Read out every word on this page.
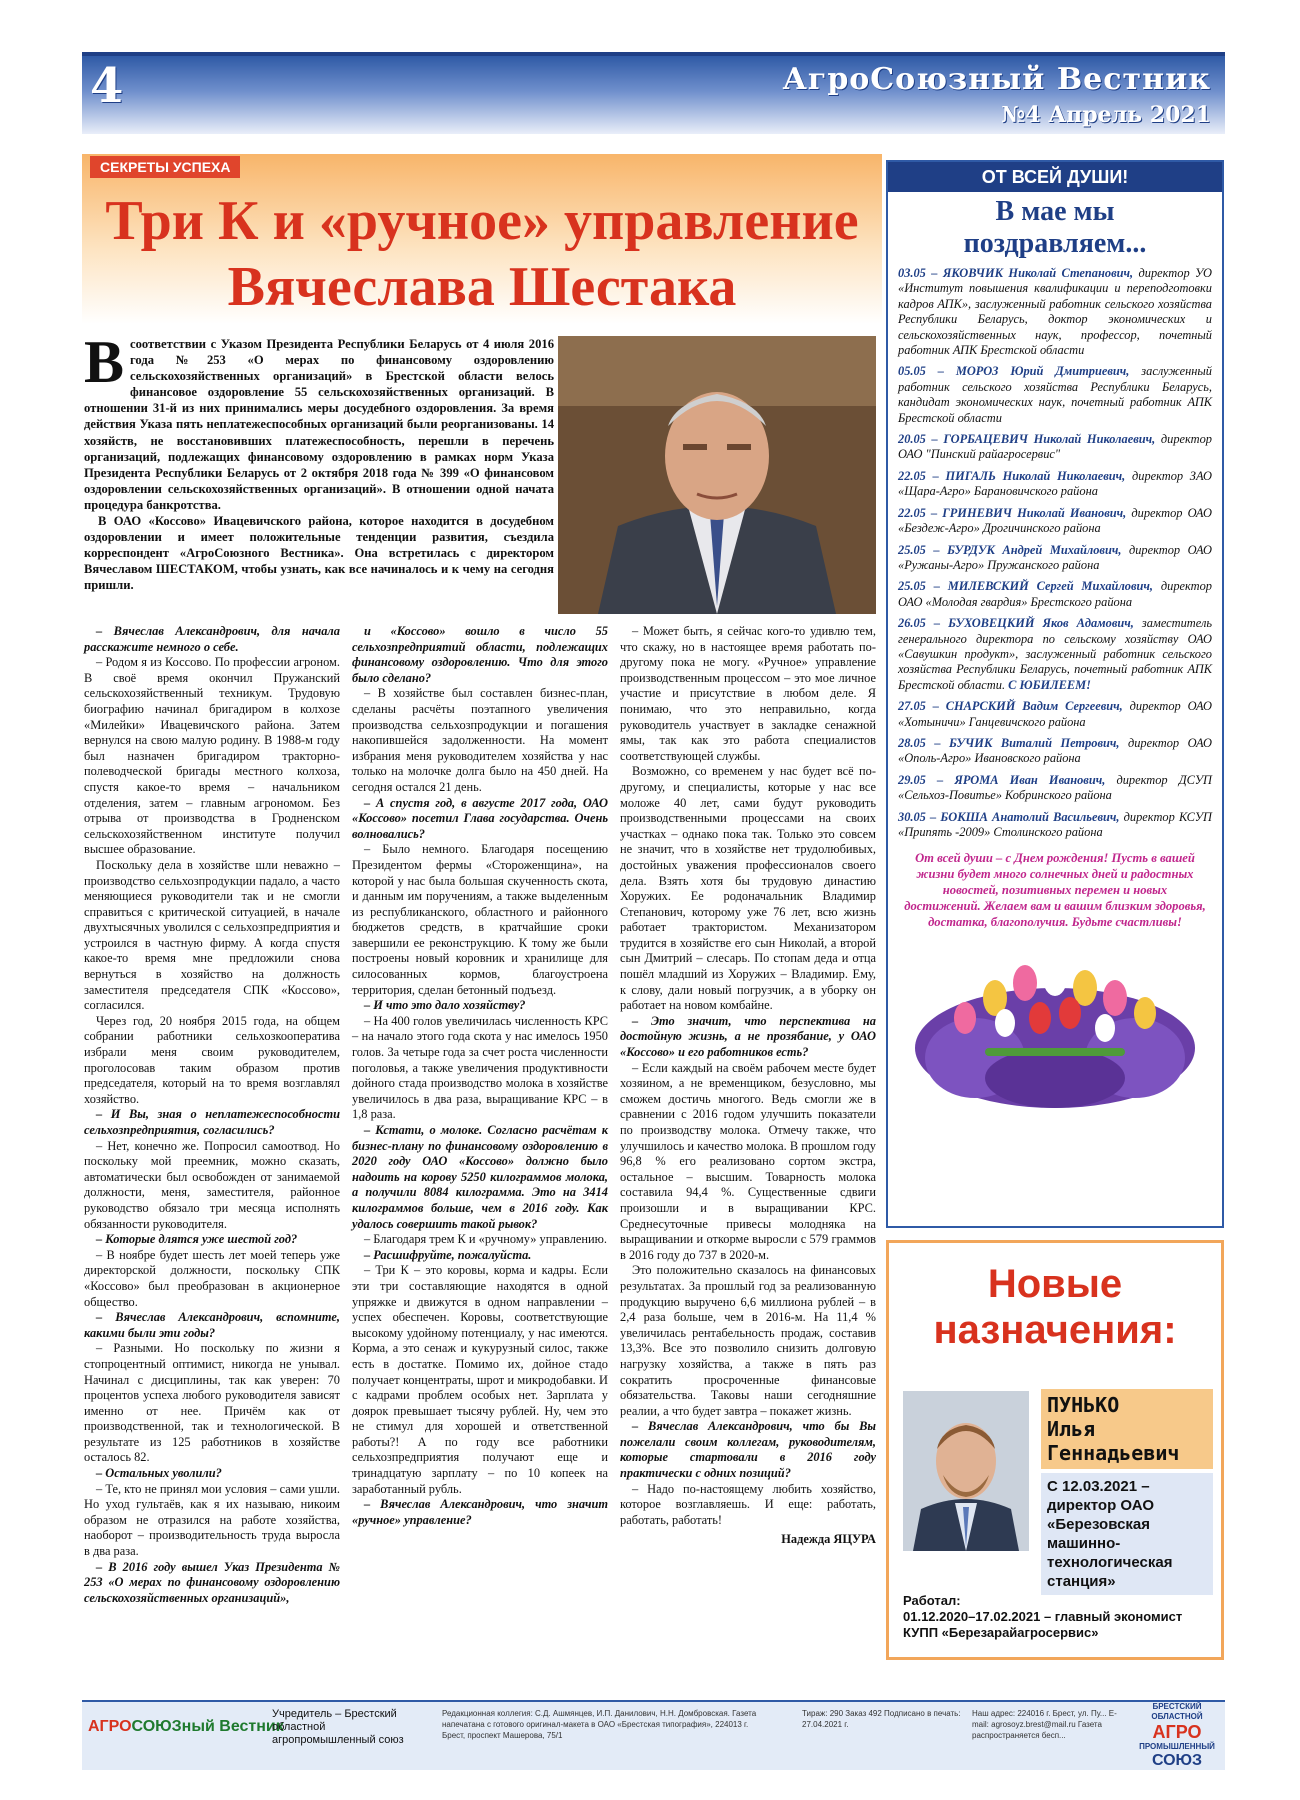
4	АгроСоюзный Вестник
№4 Апрель 2021
СЕКРЕТЫ УСПЕХА
Три К и «ручное» управление
Вячеслава Шестака
В соответствии с Указом Президента Республики Беларусь от 4 июля 2016 года №253 «О мерах по финансовому оздоровлению сельскохозяйственных организаций» в Брестской области велось финансовое оздоровление 55 сельскохозяйственных организаций. В отношении 31-й из них принимались меры досудебного оздоровления. За время действия Указа пять неплатежеспособных организаций были реорганизованы. 14 хозяйств, не восстановивших платежеспособность, перешли в перечень организаций, подлежащих финансовому оздоровлению в рамках норм Указа Президента Республики Беларусь от 2 октября 2018 года № 399 «О финансовом оздоровлении сельскохозяйственных организаций». В отношении одной начата процедура банкротства.

В ОАО «Коссово» Ивацевичского района, которое находится в досудебном оздоровлении и имеет положительные тенденции развития, съездила корреспондент «АгроСоюзного Вестника». Она встретилась с директором Вячеславом ШЕСТАКОМ, чтобы узнать, как все начиналось и к чему на сегодня пришли.

– Вячеслав Александрович, для начала расскажите немного о себе.

– Родом я из Коссово. По профессии агроном. В своё время окончил Пружанский сельскохозяйственный техникум. Трудовую биографию начинал бригадиром в колхозе «Милейки» Ивацевичского района. Затем вернулся на свою малую родину. В 1988-м году был назначен бригадиром тракторно-полеводческой бригады местного колхоза, спустя какое-то время – начальником отделения, затем – главным агрономом. Без отрыва от производства в Гродненском сельскохозяйственном институте получил высшее образование.

Поскольку дела в хозяйстве шли неважно – производство сельхозпродукции падало, а часто меняющиеся руководители так и не смогли справиться с критической ситуацией, в начале двухтысячных уволился с сельхозпредприятия и устроился в частную фирму. А когда спустя какое-то время мне предложили снова вернуться в хозяйство на должность заместителя председателя СПК «Коссово», согласился.

Через год, 20 ноября 2015 года, на общем собрании работники сельхозкооператива избрали меня своим руководителем, проголосовав таким образом против председателя, который на то время возглавлял хозяйство.

– И Вы, зная о неплатежеспособности сельхозпредприятия, согласились?

– Нет, конечно же. Попросил самоотвод. Но поскольку мой преемник, можно сказать, автоматически был освобожден от занимаемой должности, меня, заместителя, районное руководство обязало три месяца исполнять обязанности руководителя.

– Которые длятся уже шестой год?

– В ноябре будет шесть лет моей теперь уже директорской должности, поскольку СПК «Коссово» был преобразован в акционерное общество.

– Вячеслав Александрович, вспомните, какими были эти годы?

– Разными. Но поскольку по жизни я стопроцентный оптимист, никогда не унывал. Начинал с дисциплины, так как уверен: 70 процентов успеха любого руководителя зависят именно от нее. Причём как от производственной, так и технологической. В результате из 125 работников в хозяйстве осталось 82.

– Остальных уволили?

– Те, кто не принял мои условия – сами ушли. Но уход гультаёв, как я их называю, никоим образом не отразился на работе хозяйства, наоборот – производительность труда выросла в два раза.

– В 2016 году вышел Указ Президента № 253 «О мерах по финансовому оздоровлению сельскохозяйственных организаций»,

и «Коссово» вошло в число 55 сельхозпредприятий области, подлежащих финансовому оздоровлению. Что для этого было сделано?

– В хозяйстве был составлен бизнес-план, сделаны расчёты поэтапного увеличения производства сельхозпродукции и погашения накопившейся задолженности. На момент избрания меня руководителем хозяйства у нас только на молочке долга было на 450 дней. На сегодня остался 21 день.

– А спустя год, в августе 2017 года, ОАО «Коссово» посетил Глава государства. Очень волновались?

– Было немного. Благодаря посещению Президентом фермы «Стороженщина», на которой у нас была большая скученность скота, и данным им поручениям, а также выделенным из республиканского, областного и районного бюджетов средств, в кратчайшие сроки завершили ее реконструкцию. К тому же были построены новый коровник и хранилище для силосованных кормов, благоустроена территория, сделан бетонный подъезд.

– И что это дало хозяйству?

– На 400 голов увеличилась численность КРС – на начало этого года скота у нас имелось 1950 голов. За четыре года за счет роста численности поголовья, а также увеличения продуктивности дойного стада производство молока в хозяйстве увеличилось в два раза, выращивание КРС – в 1,8 раза.

– Кстати, о молоке. Согласно расчётам к бизнес-плану по финансовому оздоровлению в 2020 году ОАО «Коссово» должно было надоить на корову 5250 килограммов молока, а получили 8084 килограмма. Это на 3414 килограммов больше, чем в 2016 году. Как удалось совершить такой рывок?

– Благодаря трем К и «ручному» управлению.

– Расшифруйте, пожалуйста.

– Три К – это коровы, корма и кадры. Если эти три составляющие находятся в одной упряжке и движутся в одном направлении – успех обеспечен. Коровы, соответствующие высокому удойному потенциалу, у нас имеются. Корма, а это сенаж и кукурузный силос, также есть в достатке. Помимо их, дойное стадо получает концентраты, шрот и микродобавки. И с кадрами проблем особых нет. Зарплата у доярок превышает тысячу рублей. Ну, чем это не стимул для хорошей и ответственной работы?! А по году все работники сельхозпредприятия получают еще и тринадцатую зарплату – по 10 копеек на заработанный рубль.

– Вячеслав Александрович, что значит «ручное» управление?

– Может быть, я сейчас кого-то удивлю тем, что скажу, но в настоящее время работать по-другому пока не могу. «Ручное» управление производственным процессом – это мое личное участие и присутствие в любом деле. Я понимаю, что это неправильно, когда руководитель участвует в закладке сенажной ямы, так как это работа специалистов соответствующей службы.

Возможно, со временем у нас будет всё по-другому, и специалисты, которые у нас все моложе 40 лет, сами будут руководить производственными процессами на своих участках – однако пока так. Только это совсем не значит, что в хозяйстве нет трудолюбивых, достойных уважения профессионалов своего дела. Взять хотя бы трудовую династию Хоружих. Ее родоначальник Владимир Степанович, которому уже 76 лет, всю жизнь работает трактористом. Механизатором трудится в хозяйстве его сын Николай, а второй сын Дмитрий – слесарь. По стопам деда и отца пошёл младший из Хоружих – Владимир. Ему, к слову, дали новый погрузчик, а в уборку он работает на новом комбайне.

– Это значит, что перспектива на достойную жизнь, а не прозябание, у ОАО «Коссово» и его работников есть?

– Если каждый на своём рабочем месте будет хозяином, а не временщиком, безусловно, мы сможем достичь многого. Ведь смогли же в сравнении с 2016 годом улучшить показатели по производству молока. Отмечу также, что улучшилось и качество молока. В прошлом году 96,8 % его реализовано сортом экстра, остальное – высшим. Товарность молока составила 94,4 %. Существенные сдвиги произошли и в выращивании КРС. Среднесуточные привесы молодняка на выращивании и откорме выросли с 579 граммов в 2016 году до 737 в 2020-м.

Это положительно сказалось на финансовых результатах. За прошлый год за реализованную продукцию выручено 6,6 миллиона рублей – в 2,4 раза больше, чем в 2016-м. На 11,4 % увеличилась рентабельность продаж, составив 13,3%. Все это позволило снизить долговую нагрузку хозяйства, а также в пять раз сократить просроченные финансовые обязательства. Таковы наши сегодняшние реалии, а что будет завтра – покажет жизнь.

– Вячеслав Александрович, что бы Вы пожелали своим коллегам, руководителям, которые стартовали в 2016 году практически с одних позиций?

– Надо по-настоящему любить хозяйство, которое возглавляешь. И еще: работать, работать, работать!

Надежда ЯЦУРА

ОТ ВСЕЙ ДУШИ!
В мае мы
поздравляем...
03.05 – ЯКОВЧИК Николай Степанович, директор УО «Институт повышения квалификации и переподготовки кадров АПК», заслуженный работник сельского хозяйства Республики Беларусь, доктор экономических и сельскохозяйственных наук, профессор, почетный работник АПК Брестской области
05.05 – МОРОЗ Юрий Дмитриевич, заслуженный работник сельского хозяйства Республики Беларусь, кандидат экономических наук, почетный работник АПК Брестской области
20.05 – ГОРБАЦЕВИЧ Николай Николаевич, директор ОАО "Пинский райагросервис"
22.05 – ПИГАЛЬ Николай Николаевич, директор ЗАО «Щара-Агро» Барановичского района
22.05 – ГРИНЕВИЧ Николай Иванович, директор ОАО «Бездеж-Агро» Дрогичинского района
25.05 – БУРДУК Андрей Михайлович, директор ОАО «Ружаны-Агро» Пружанского района
25.05 – МИЛЕВСКИЙ Сергей Михайлович, директор ОАО «Молодая гвардия» Брестского района
26.05 – БУХОВЕЦКИЙ Яков Адамович, заместитель генерального директора по сельскому хозяйству ОАО «Савушкин продукт», заслуженный работник сельского хозяйства Республики Беларусь, почетный работник АПК Брестской области. С ЮБИЛЕЕМ!
27.05 – СНАРСКИЙ Вадим Сергеевич, директор ОАО «Хотыничи» Ганцевичского района
28.05 – БУЧИК Виталий Петрович, директор ОАО «Ополь-Агро» Ивановского района
29.05 – ЯРОМА Иван Иванович, директор ДСУП «Сельхоз-Повитье» Кобринского района
30.05 – БОКША Анатолий Васильевич, директор КСУП «Припять -2009» Столинского района
От всей души – с Днем рождения! Пусть в вашей жизни будет много солнечных дней и радостных новостей, позитивных перемен и новых достижений. Желаем вам и вашим близким здоровья, достатка, благополучия. Будьте счастливы!
Новые
назначения:
ПУНЬКО
Илья
Геннадьевич
С 12.03.2021 – директор ОАО «Березовская машинно-технологическая станция»
Работал:
01.12.2020–17.02.2021 – главный экономист КУПП «Березарайагросервис»
АГРОСОЮЗный Вестник
Учредитель – Брестский областной агропромышленный союз
Редакционная коллегия: С.Д. Ашмянцев, И.П. Данилович, Н.Н. Домбровская. Газета напечатана с готового оригинал-макета в ОАО «Брестская типография», 224013 г. Брест, проспект Машерова, 75/1
Тираж: 290 Заказ 492 Подписано в печать: 27.04.2021 г.
Наш адрес: 224016 г. Брест, ул. Пу... E-mail: agrosoyz.brest@mail.ru Газета распространяется бесп...
БРЕСТСКИЙ ОБЛАСТНОЙ
АГРО
ПРОМЫШЛЕННЫЙ
СОЮЗ
